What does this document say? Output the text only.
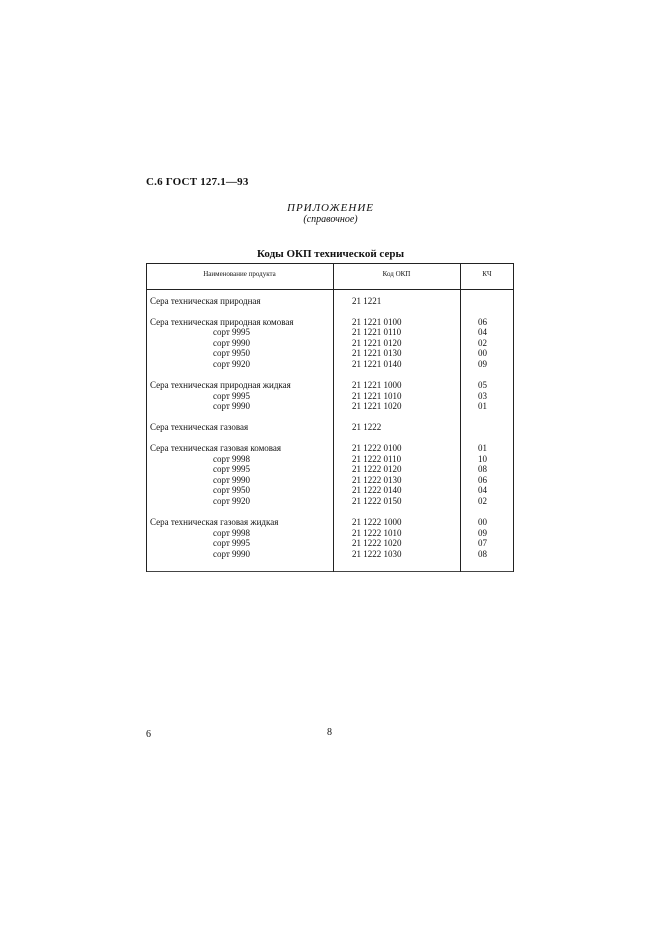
С.6 ГОСТ 127.1—93
ПРИЛОЖЕНИЕ
(справочное)
Коды ОКП технической серы
Наименование продукта	Код ОКП	КЧ
Сера техническая природная	21 1221
Сера техническая природная комовая	21 1221 0100	06
сорт 9995	21 1221 0110	04
сорт 9990	21 1221 0120	02
сорт 9950	21 1221 0130	00
сорт 9920	21 1221 0140	09
Сера техническая природная жидкая	21 1221 1000	05
сорт 9995	21 1221 1010	03
сорт 9990	21 1221 1020	01
Сера техническая газовая	21 1222
Сера техническая газовая комовая	21 1222 0100	01
сорт 9998	21 1222 0110	10
сорт 9995	21 1222 0120	08
сорт 9990	21 1222 0130	06
сорт 9950	21 1222 0140	04
сорт 9920	21 1222 0150	02
Сера техническая газовая жидкая	21 1222 1000	00
сорт 9998	21 1222 1010	09
сорт 9995	21 1222 1020	07
сорт 9990	21 1222 1030	08
6	8
